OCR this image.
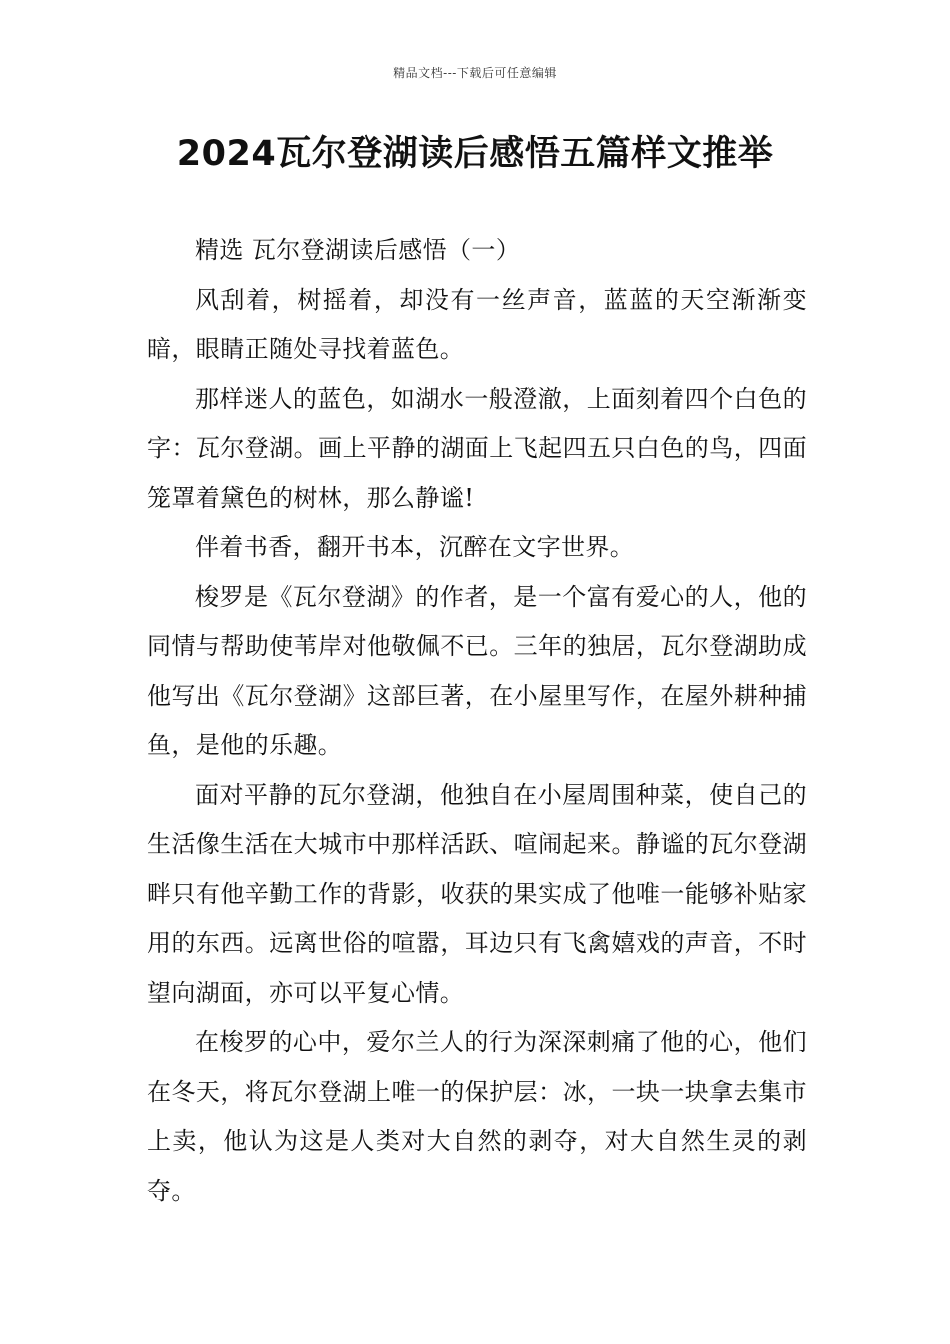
精品文档---下载后可任意编辑
2024瓦尔登湖读后感悟五篇样文推举

精选 瓦尔登湖读后感悟（一）

风刮着，树摇着，却没有一丝声音，蓝蓝的天空渐渐变暗，眼睛正随处寻找着蓝色。

那样迷人的蓝色，如湖水一般澄澈，上面刻着四个白色的字：瓦尔登湖。画上平静的湖面上飞起四五只白色的鸟，四面笼罩着黛色的树林，那么静谧!

伴着书香，翻开书本，沉醉在文字世界。

梭罗是《瓦尔登湖》的作者，是一个富有爱心的人，他的同情与帮助使苇岸对他敬佩不已。三年的独居，瓦尔登湖助成他写出《瓦尔登湖》这部巨著，在小屋里写作，在屋外耕种捕鱼，是他的乐趣。

面对平静的瓦尔登湖，他独自在小屋周围种菜，使自己的生活像生活在大城市中那样活跃、喧闹起来。静谧的瓦尔登湖畔只有他辛勤工作的背影，收获的果实成了他唯一能够补贴家用的东西。远离世俗的喧嚣，耳边只有飞禽嬉戏的声音，不时望向湖面，亦可以平复心情。

在梭罗的心中，爱尔兰人的行为深深刺痛了他的心，他们在冬天，将瓦尔登湖上唯一的保护层：冰，一块一块拿去集市上卖，他认为这是人类对大自然的剥夺，对大自然生灵的剥夺。
